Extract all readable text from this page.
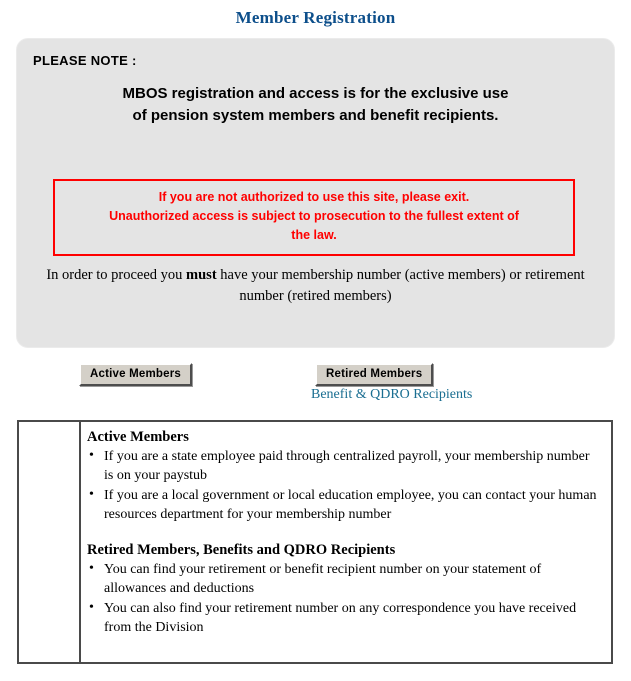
Member Registration
PLEASE NOTE :
MBOS registration and access is for the exclusive use
of pension system members and benefit recipients.
If you are not authorized to use this site, please exit.
Unauthorized access is subject to prosecution to the fullest extent of
the law.
In order to proceed you must have your membership number (active members) or retirement number (retired members)
Active Members	Retired Members
Benefit & QDRO Recipients
Active Members
• If you are a state employee paid through centralized payroll, your membership number is on your paystub
• If you are a local government or local education employee, you can contact your human resources department for your membership number
Retired Members, Benefits and QDRO Recipients
• You can find your retirement or benefit recipient number on your statement of allowances and deductions
• You can also find your retirement number on any correspondence you have received from the Division
